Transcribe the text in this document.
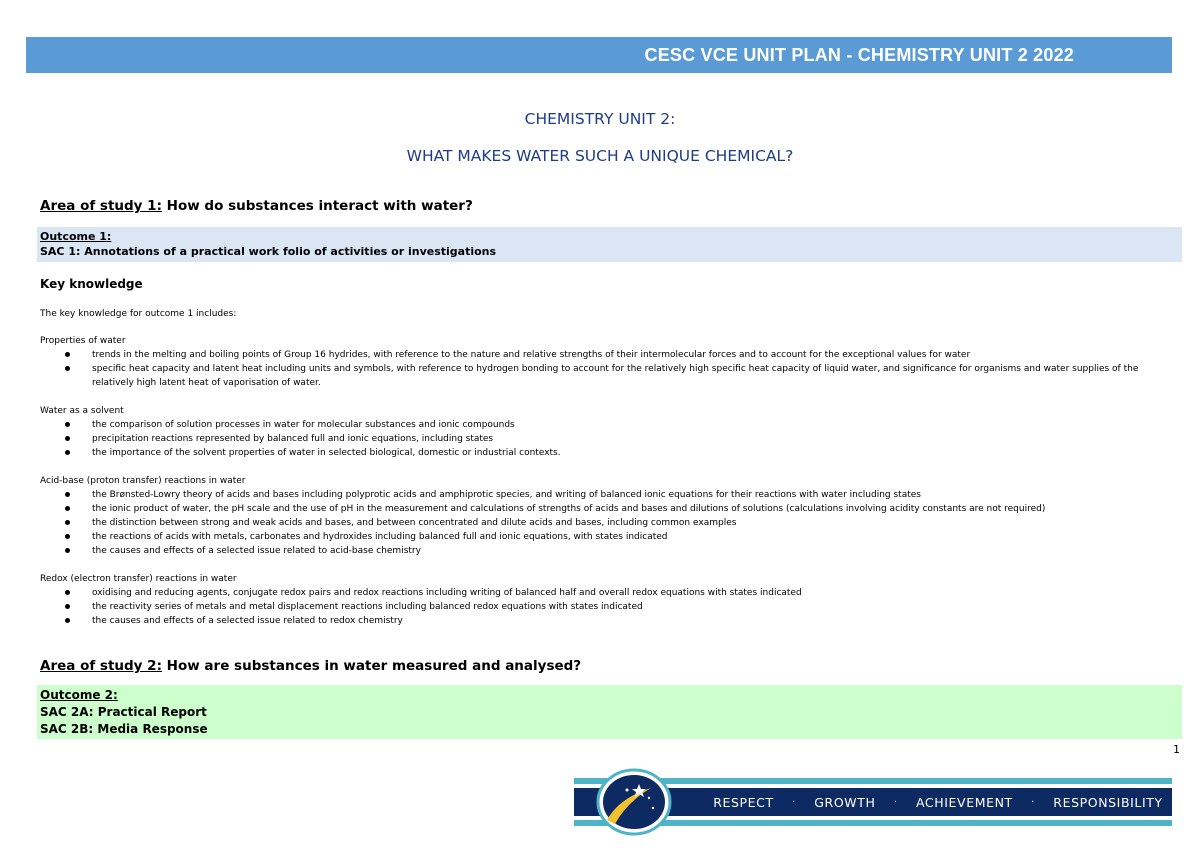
CESC VCE UNIT PLAN - CHEMISTRY UNIT 2 2022
CHEMISTRY UNIT 2:
WHAT MAKES WATER SUCH A UNIQUE CHEMICAL?
Area of study 1: How do substances interact with water?
Outcome 1:
SAC 1: Annotations of a practical work folio of activities or investigations
Key knowledge
The key knowledge for outcome 1 includes:
Properties of water
trends in the melting and boiling points of Group 16 hydrides, with reference to the nature and relative strengths of their intermolecular forces and to account for the exceptional values for water
specific heat capacity and latent heat including units and symbols, with reference to hydrogen bonding to account for the relatively high specific heat capacity of liquid water, and significance for organisms and water supplies of the relatively high latent heat of vaporisation of water.
Water as a solvent
the comparison of solution processes in water for molecular substances and ionic compounds
precipitation reactions represented by balanced full and ionic equations, including states
the importance of the solvent properties of water in selected biological, domestic or industrial contexts.
Acid-base (proton transfer) reactions in water
the Brønsted-Lowry theory of acids and bases including polyprotic acids and amphiprotic species, and writing of balanced ionic equations for their reactions with water including states
the ionic product of water, the pH scale and the use of pH in the measurement and calculations of strengths of acids and bases and dilutions of solutions (calculations involving acidity constants are not required)
the distinction between strong and weak acids and bases, and between concentrated and dilute acids and bases, including common examples
the reactions of acids with metals, carbonates and hydroxides including balanced full and ionic equations, with states indicated
the causes and effects of a selected issue related to acid-base chemistry
Redox (electron transfer) reactions in water
oxidising and reducing agents, conjugate redox pairs and redox reactions including writing of balanced half and overall redox equations with states indicated
the reactivity series of metals and metal displacement reactions including balanced redox equations with states indicated
the causes and effects of a selected issue related to redox chemistry
Area of study 2: How are substances in water measured and analysed?
Outcome 2:
SAC 2A: Practical Report
SAC 2B: Media Response
1
RESPECT · GROWTH · ACHIEVEMENT · RESPONSIBILITY
